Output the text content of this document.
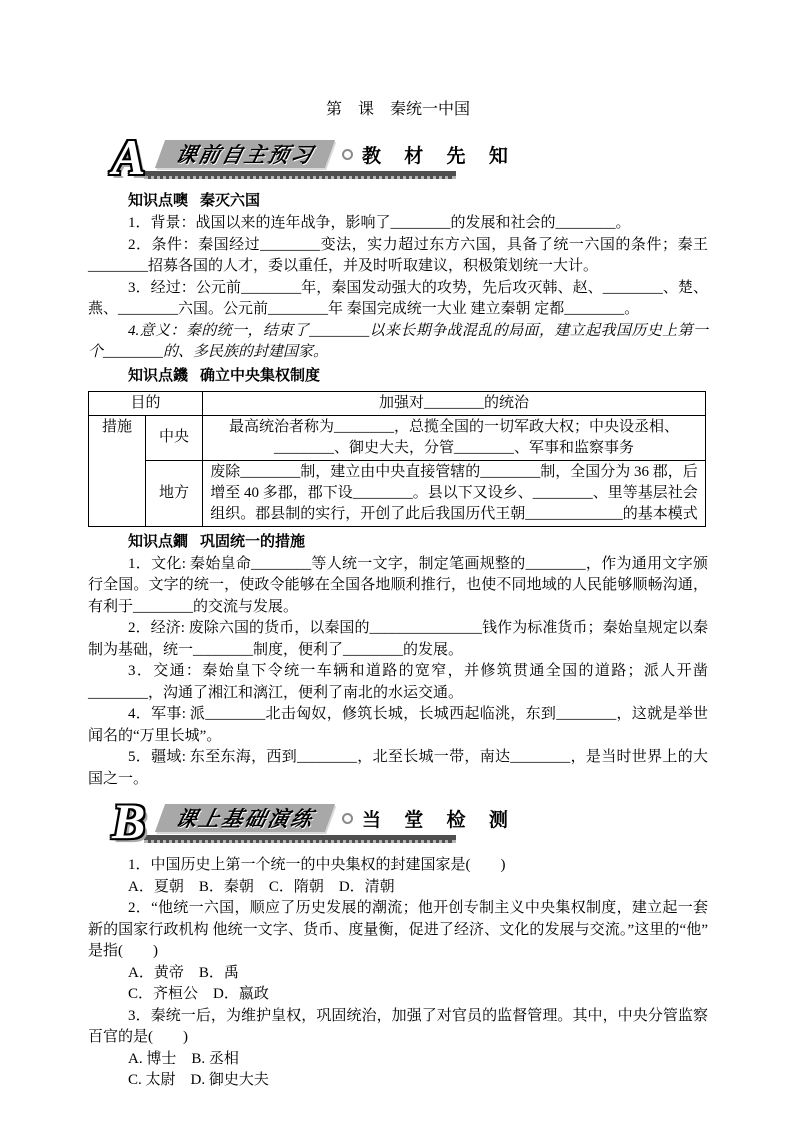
第　课　秦统一中国

A 课前自主预习 教 材 先 知
知识点噢 秦灭六国

1．背景：战国以来的连年战争，影响了________的发展和社会的________。

2．条件：秦国经过________变法，实力超过东方六国，具备了统一六国的条件；秦王________招募各国的人才，委以重任，并及时听取建议，积极策划统一大计。

3．经过：公元前________年，秦国发动强大的攻势，先后攻灭韩、赵、________、楚、燕、________六国。公元前________年 秦国完成统一大业 建立秦朝 定都________。

4.意义：秦的统一，结束了________以来长期争战混乱的局面，建立起我国历史上第一个________的、多民族的封建国家。

知识点鐖 确立中央集权制度
目的		加强对________的统治
措施	中央	最高统治者称为________，总揽全国的一切军政大权；中央设丞相、________、御史大夫，分管________、军事和监察事务
	地方	废除________制，建立由中央直接管辖的________制，全国分为 36 郡，后增至 40 多郡，郡下设________。县以下又设乡、________、里等基层社会组织。郡县制的实行，开创了此后我国历代王朝_____________的基本模式
知识点鐧 巩固统一的措施

1．文化: 秦始皇命________等人统一文字，制定笔画规整的________，作为通用文字颁行全国。文字的统一，使政令能够在全国各地顺利推行，也使不同地域的人民能够顺畅沟通，有利于________的交流与发展。

2．经济: 废除六国的货币，以秦国的_______________钱作为标准货币；秦始皇规定以秦制为基础，统一________制度，便利了________的发展。

3．交通：秦始皇下令统一车辆和道路的宽窄，并修筑贯通全国的道路；派人开凿________，沟通了湘江和漓江，便利了南北的水运交通。

4．军事: 派________北击匈奴，修筑长城，长城西起临洮，东到________，这就是举世闻名的“万里长城”。

5．疆域: 东至东海，西到________，北至长城一带，南达________，是当时世界上的大国之一。

B 课上基础演练 当 堂 检 测

1．中国历史上第一个统一的中央集权的封建国家是(　　)

A．夏朝　B．秦朝　C．隋朝　D．清朝

2．“他统一六国，顺应了历史发展的潮流；他开创专制主义中央集权制度，建立起一套新的国家行政机构 他统一文字、货币、度量衡，促进了经济、文化的发展与交流。”这里的“他”是指(　　)

A．黄帝　B．禹

C．齐桓公　D．嬴政

3．秦统一后，为维护皇权，巩固统治，加强了对官员的监督管理。其中，中央分管监察百官的是(　　)

A. 博士　B. 丞相

C. 太尉　D. 御史大夫
